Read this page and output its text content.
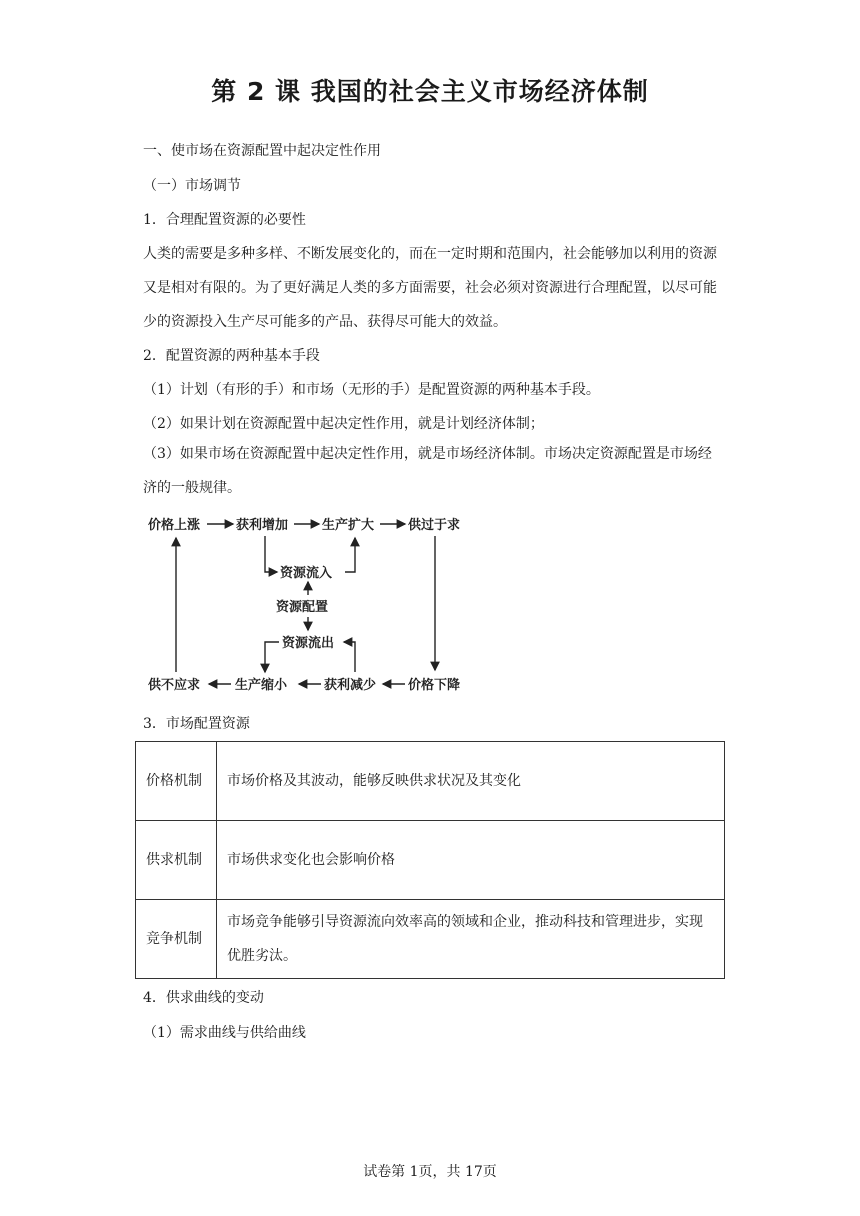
第 2 课 我国的社会主义市场经济体制
一、使市场在资源配置中起决定性作用
（一）市场调节
1．合理配置资源的必要性
人类的需要是多种多样、不断发展变化的，而在一定时期和范围内，社会能够加以利用的资源又是相对有限的。为了更好满足人类的多方面需要，社会必须对资源进行合理配置，以尽可能少的资源投入生产尽可能多的产品、获得尽可能大的效益。
2．配置资源的两种基本手段
（1）计划（有形的手）和市场（无形的手）是配置资源的两种基本手段。
（2）如果计划在资源配置中起决定性作用，就是计划经济体制；
（3）如果市场在资源配置中起决定性作用，就是市场经济体制。市场决定资源配置是市场经济的一般规律。
价格上涨	获利增加	生产扩大	供过于求
资源流入
资源配置
资源流出
供不应求	生产缩小	获利减少 价格下降
3．市场配置资源
价格机制	市场价格及其波动，能够反映供求状况及其变化
供求机制	市场供求变化也会影响价格
竞争机制	市场竞争能够引导资源流向效率高的领域和企业，推动科技和管理进步，实现优胜劣汰。
4．供求曲线的变动
（1）需求曲线与供给曲线
试卷第 1页，共 17页
